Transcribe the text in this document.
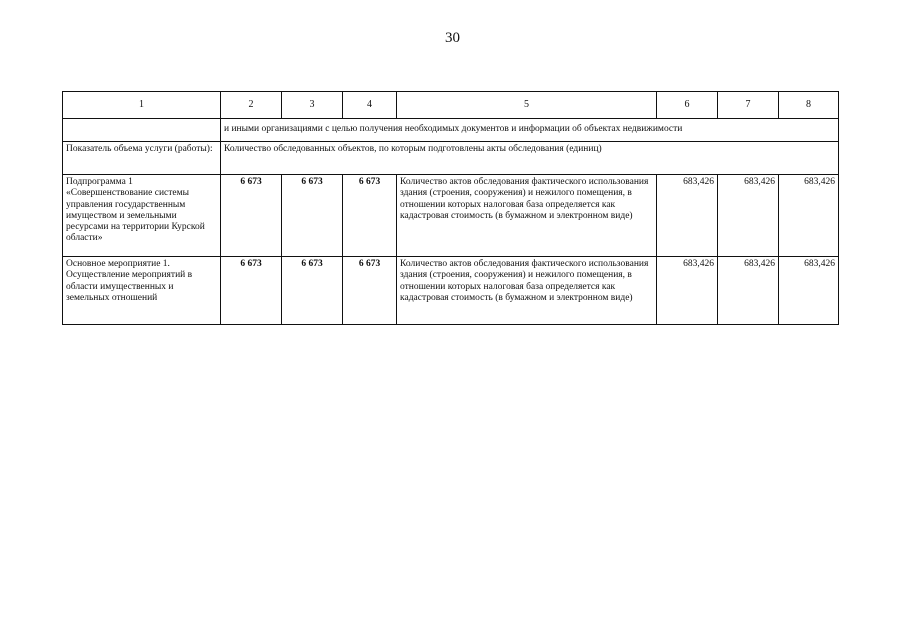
30
1	2	3	4	5	6	7	8
	и иными организациями с целью получения необходимых документов и информации об объектах недвижимости						
Показатель объема услуги (работы):	Количество обследованных объектов, по которым подготовлены акты обследования (единиц)						
Подпрограмма 1 «Совершенствование системы управления государственным имуществом и земельными ресурсами на территории Курской области»	6 673	6 673	6 673	Количество актов обследования фактического использования здания (строения, сооружения) и нежилого помещения, в отношении которых налоговая база определяется как кадастровая стоимость (в бумажном и электронном виде)	683,426	683,426	683,426
Основное мероприятие 1. Осуществление мероприятий в области имущественных и земельных отношений	6 673	6 673	6 673	Количество актов обследования фактического использования здания (строения, сооружения) и нежилого помещения, в отношении которых налоговая база определяется как кадастровая стоимость (в бумажном и электронном виде)	683,426	683,426	683,426
